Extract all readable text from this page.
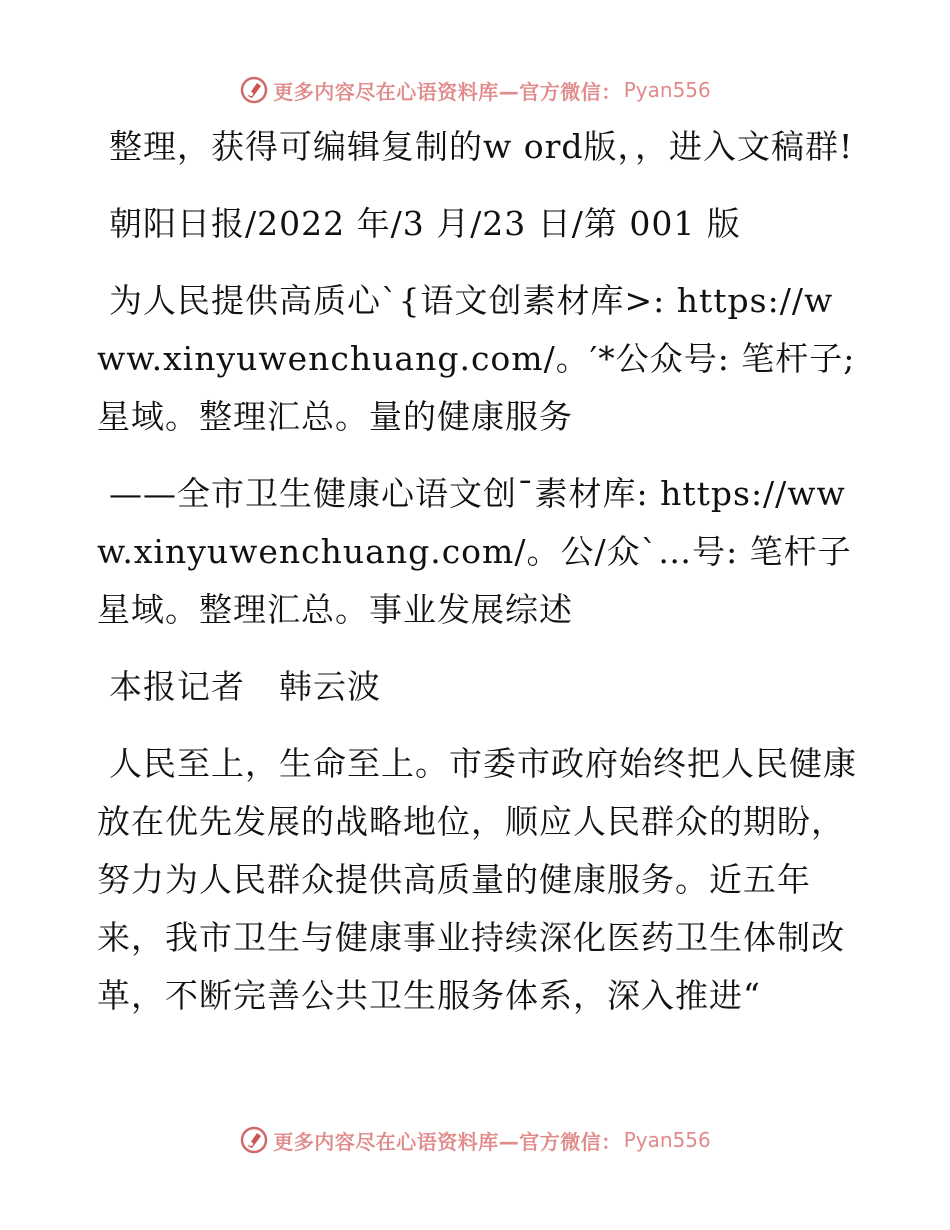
更多内容尽在心语资料库—官方微信： Pyan556

整理，获得可编辑复制的w ord版，，进入文稿群!

朝阳日报/2022 年/3 月/23 日/第 001 版

为人民提供高质心`{语文创素材库>: https://www.xinyuwenchuang.com/。′*公众号: 笔杆子;星域。整理汇总。量的健康服务

——全市卫生健康心语文创¯素材库: https://www.xinyuwenchuang.com/。公/众`…号: 笔杆子星域。整理汇总。事业发展综述

本报记者　韩云波

人民至上，生命至上。市委市政府始终把人民健康放在优先发展的战略地位，顺应人民群众的期盼，努力为人民群众提供高质量的健康服务。近五年来，我市卫生与健康事业持续深化医药卫生体制改革，不断完善公共卫生服务体系，深入推进“

更多内容尽在心语资料库—官方微信： Pyan556
